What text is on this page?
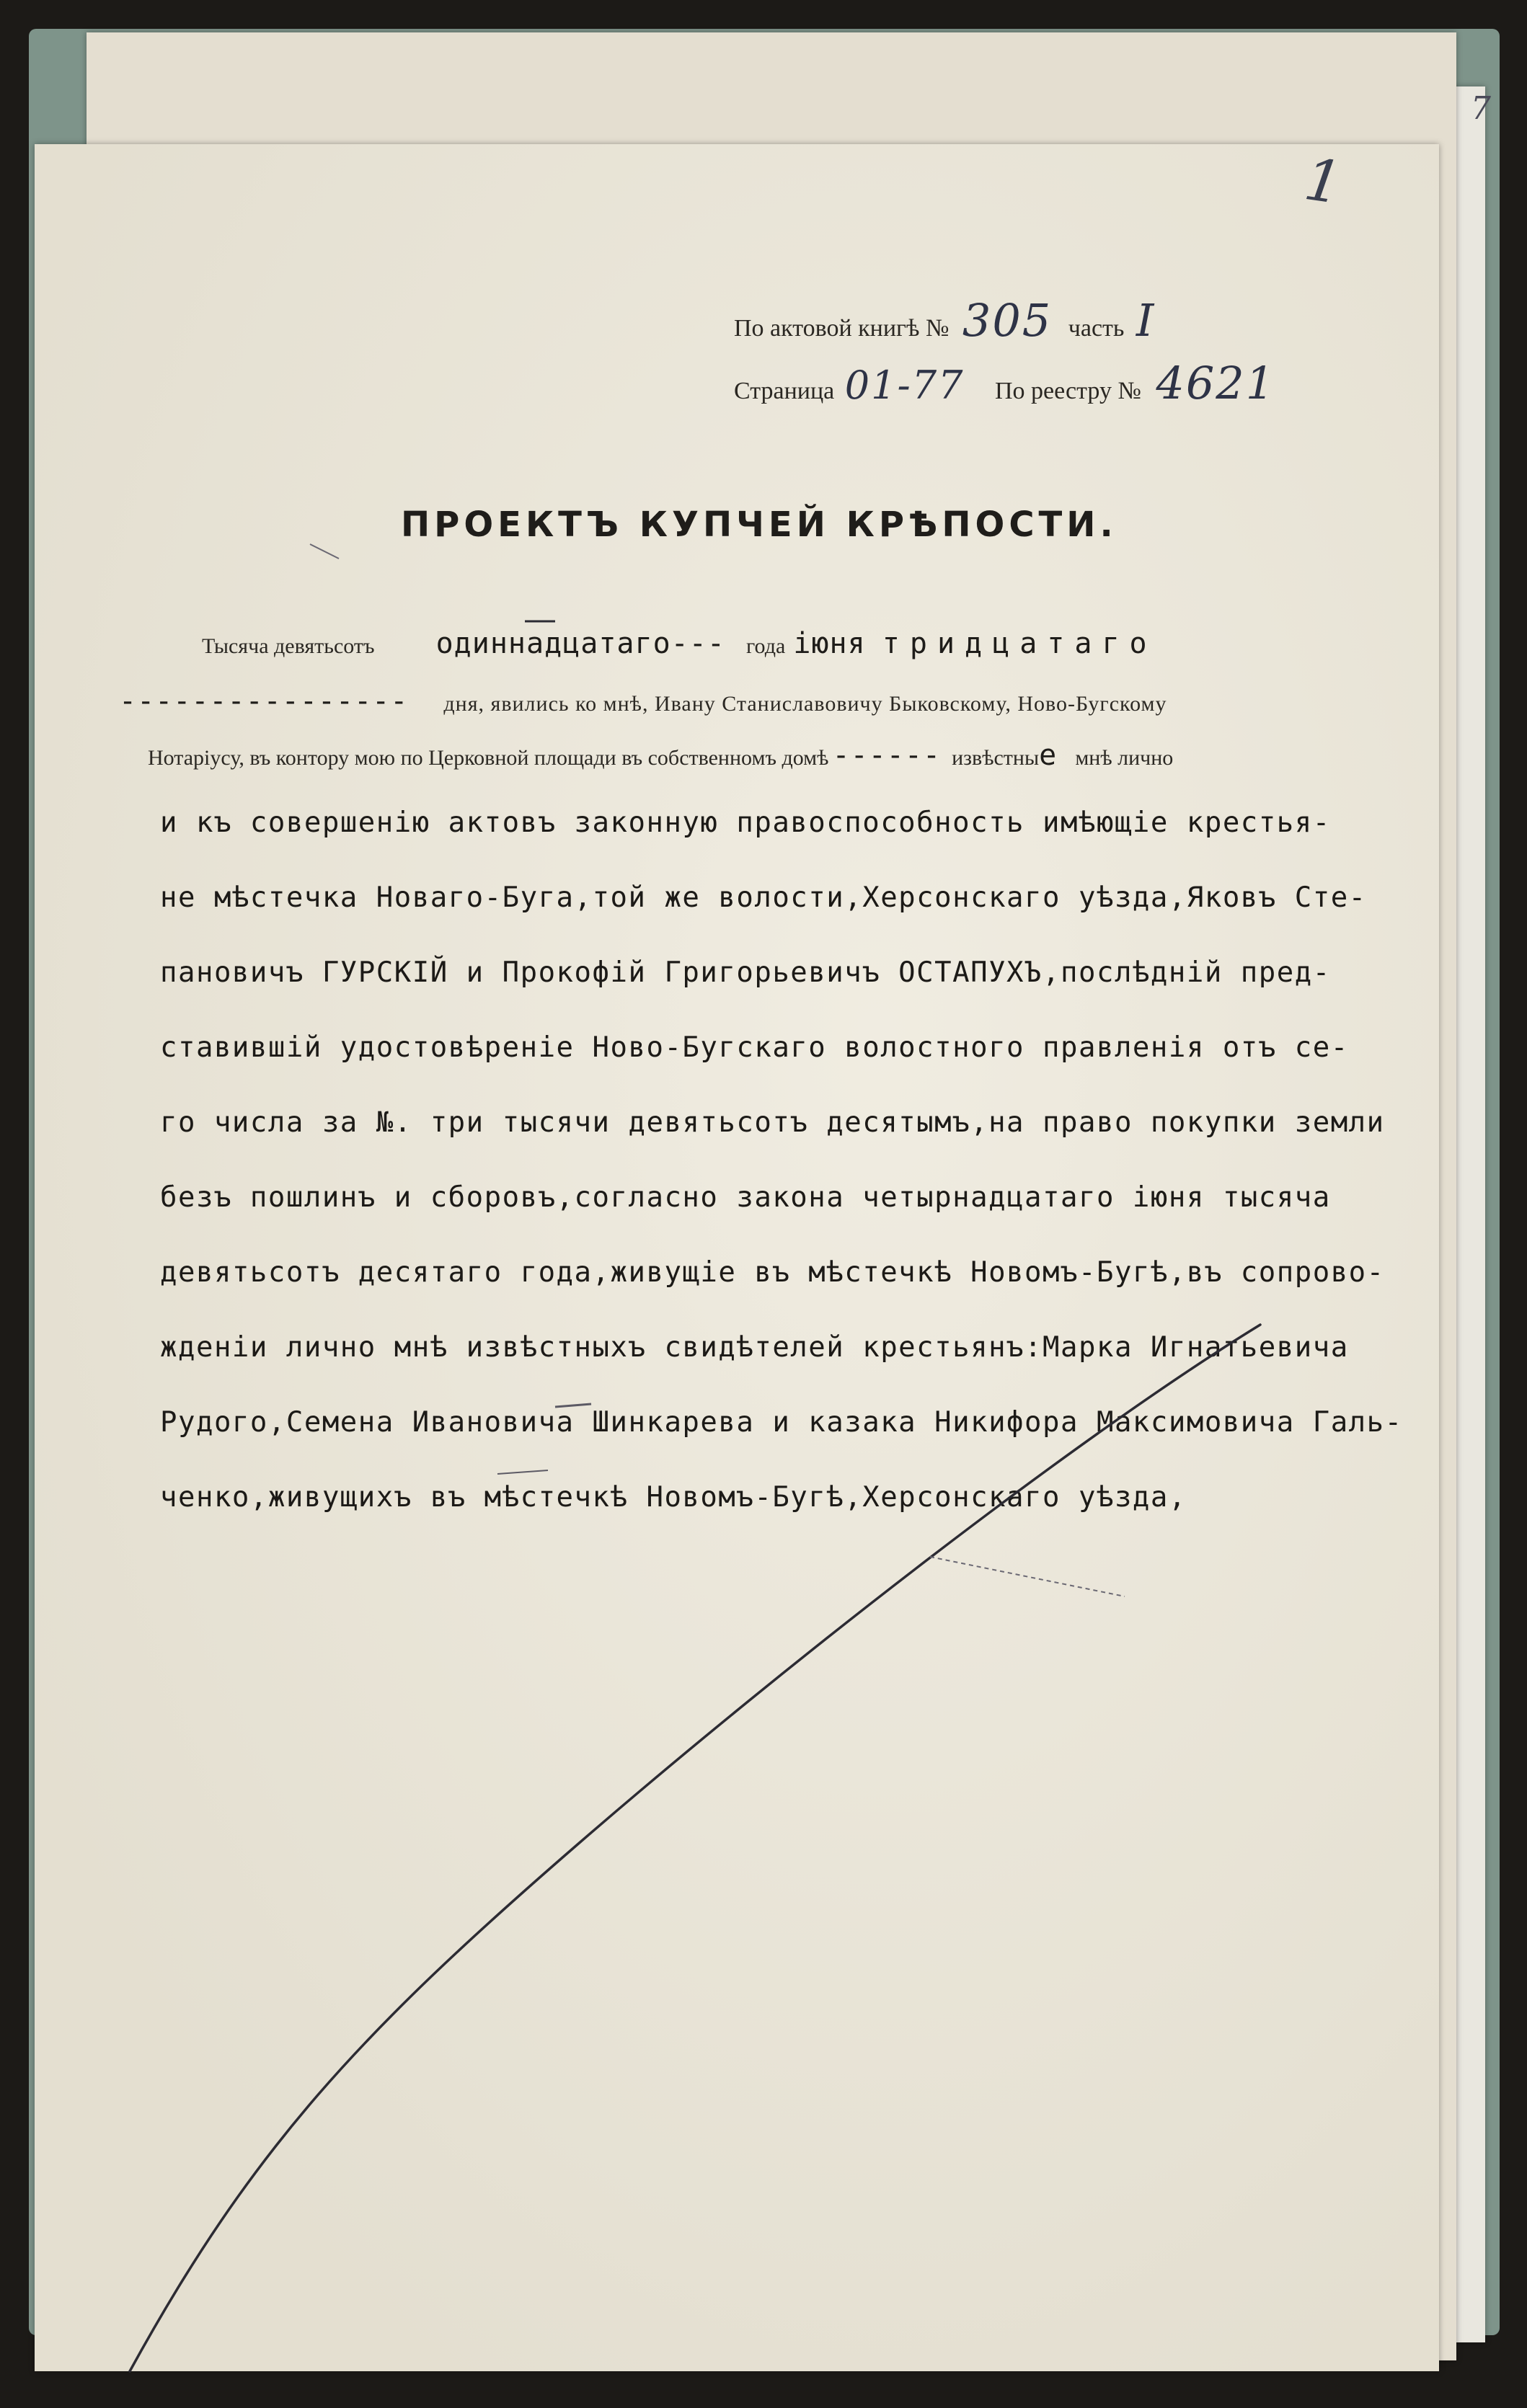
7
1
По актовой книгѣ № 305 часть I
Страница 01-77 По реестру № 4621
ПРОЕКТЪ КУПЧЕЙ КРѢПОСТИ.
Тысяча девятьсотъ одиннадцатаго--- года іюня тридцатаго
---------------- дня, явились ко мнѣ, Ивану Станиславовичу Быковскому, Ново-Бугскому
Нотаріусу, въ контору мою по Церковной площади въ собственномъ домѣ ------ извѣстные мнѣ лично
и къ совершенію актовъ законную правоспособность имѣющіе крестья-
не мѣстечка Новаго-Буга,той же волости,Херсонскаго уѣзда,Яковъ Сте-
пановичъ ГУРСКІЙ и Прокофій Григорьевичъ ОСТАПУХЪ,послѣдній пред-
ставившій удостовѣреніе Ново-Бугскаго волостного правленія отъ се-
го числа за №. три тысячи девятьсотъ десятымъ,на право покупки земли
безъ пошлинъ и сборовъ,согласно закона четырнадцатаго іюня тысяча
девятьсотъ десятаго года,живущіе въ мѣстечкѣ Новомъ-Бугѣ,въ сопрово-
жденіи лично мнѣ извѣстныхъ свидѣтелей крестьянъ:Марка Игнатьевича
Рудого,Семена Ивановича Шинкарева и казака Никифора Максимовича Галь-
ченко,живущихъ въ мѣстечкѣ Новомъ-Бугѣ,Херсонскаго уѣзда,
